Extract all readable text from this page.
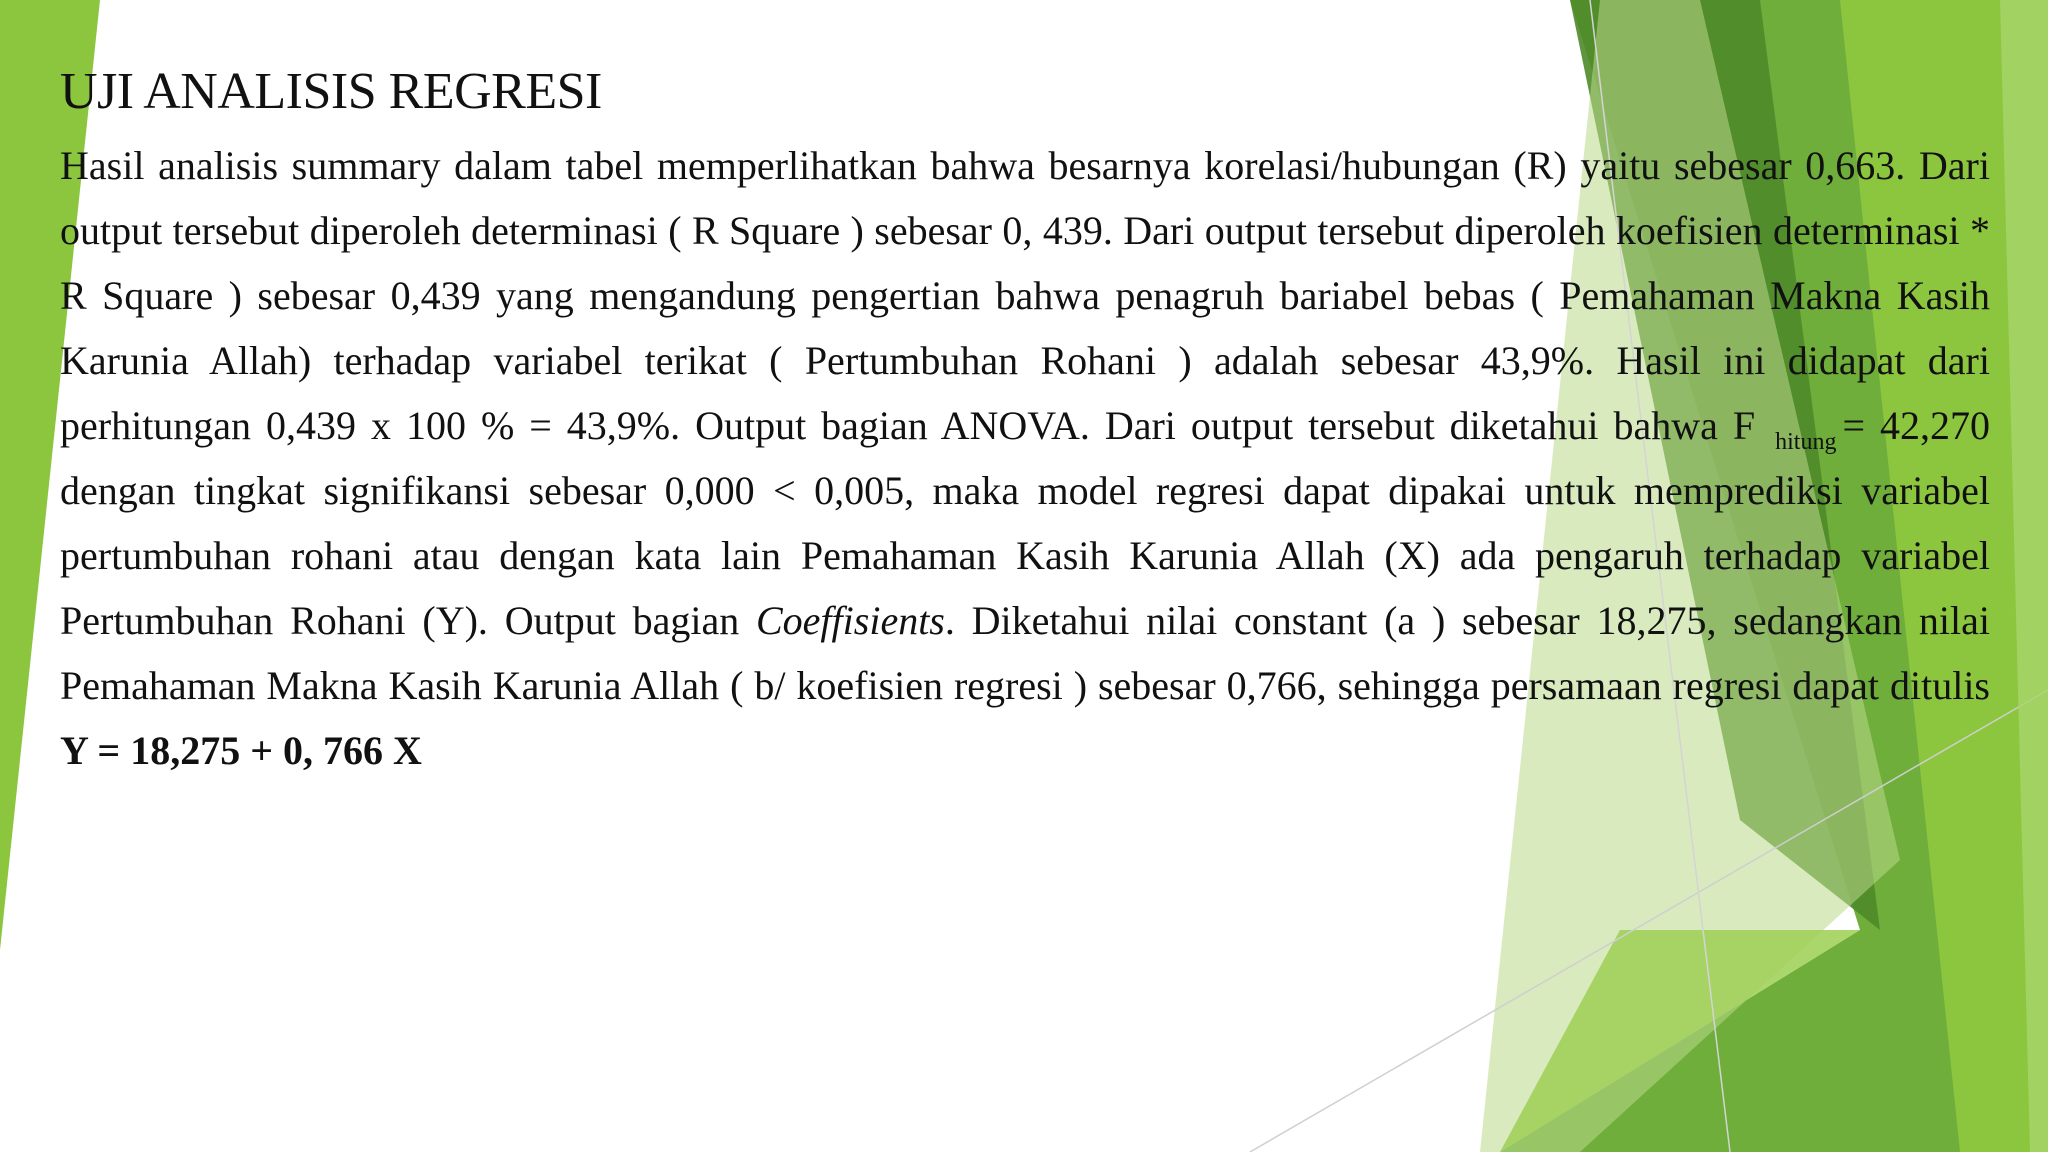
UJI ANALISIS REGRESI

Hasil analisis summary dalam tabel memperlihatkan bahwa besarnya korelasi/hubungan (R) yaitu sebesar 0,663. Dari output tersebut diperoleh determinasi ( R Square ) sebesar 0, 439. Dari output tersebut diperoleh koefisien determinasi * R Square ) sebesar 0,439 yang mengandung pengertian bahwa penagruh bariabel bebas ( Pemahaman Makna Kasih Karunia Allah) terhadap variabel terikat ( Pertumbuhan Rohani ) adalah sebesar 43,9%. Hasil ini didapat dari perhitungan 0,439 x 100 % = 43,9%. Output bagian ANOVA. Dari output tersebut diketahui bahwa F $_{hitung}$ = 42,270 dengan tingkat signifikansi sebesar 0,000 < 0,005, maka model regresi dapat dipakai untuk memprediksi variabel pertumbuhan rohani atau dengan kata lain Pemahaman Kasih Karunia Allah (X) ada pengaruh terhadap variabel Pertumbuhan Rohani (Y). Output bagian Coeffisients. Diketahui nilai constant (a ) sebesar 18,275, sedangkan nilai Pemahaman Makna Kasih Karunia Allah ( b/ koefisien regresi ) sebesar 0,766, sehingga persamaan regresi dapat ditulis Y = 18,275 + 0, 766 X
